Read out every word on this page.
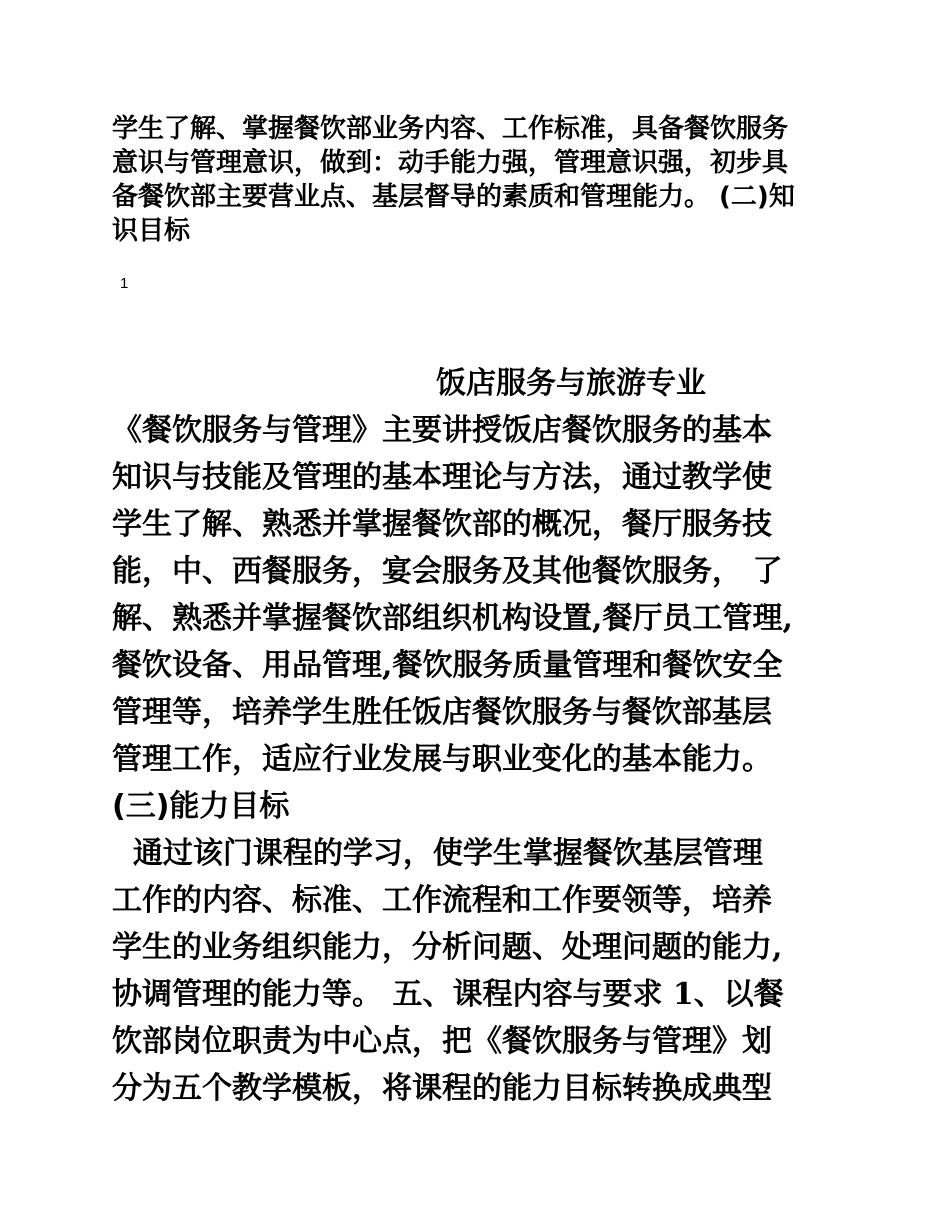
学生了解、掌握餐饮部业务内容、工作标准，具备餐饮服务
意识与管理意识，做到：动手能力强，管理意识强，初步具
备餐饮部主要营业点、基层督导的素质和管理能力。 (二)知
识目标
1
饭店服务与旅游专业
《餐饮服务与管理》主要讲授饭店餐饮服务的基本
知识与技能及管理的基本理论与方法，通过教学使
学生了解、熟悉并掌握餐饮部的概况，餐厅服务技
能，中、西餐服务，宴会服务及其他餐饮服务， 了
解、熟悉并掌握餐饮部组织机构设置,餐厅员工管理,
餐饮设备、用品管理,餐饮服务质量管理和餐饮安全
管理等，培养学生胜任饭店餐饮服务与餐饮部基层
管理工作，适应行业发展与职业变化的基本能力。
(三)能力目标
通过该门课程的学习，使学生掌握餐饮基层管理
工作的内容、标准、工作流程和工作要领等，培养
学生的业务组织能力，分析问题、处理问题的能力,
协调管理的能力等。 五、课程内容与要求 1、以餐
饮部岗位职责为中心点，把《餐饮服务与管理》划
分为五个教学模板，将课程的能力目标转换成典型
